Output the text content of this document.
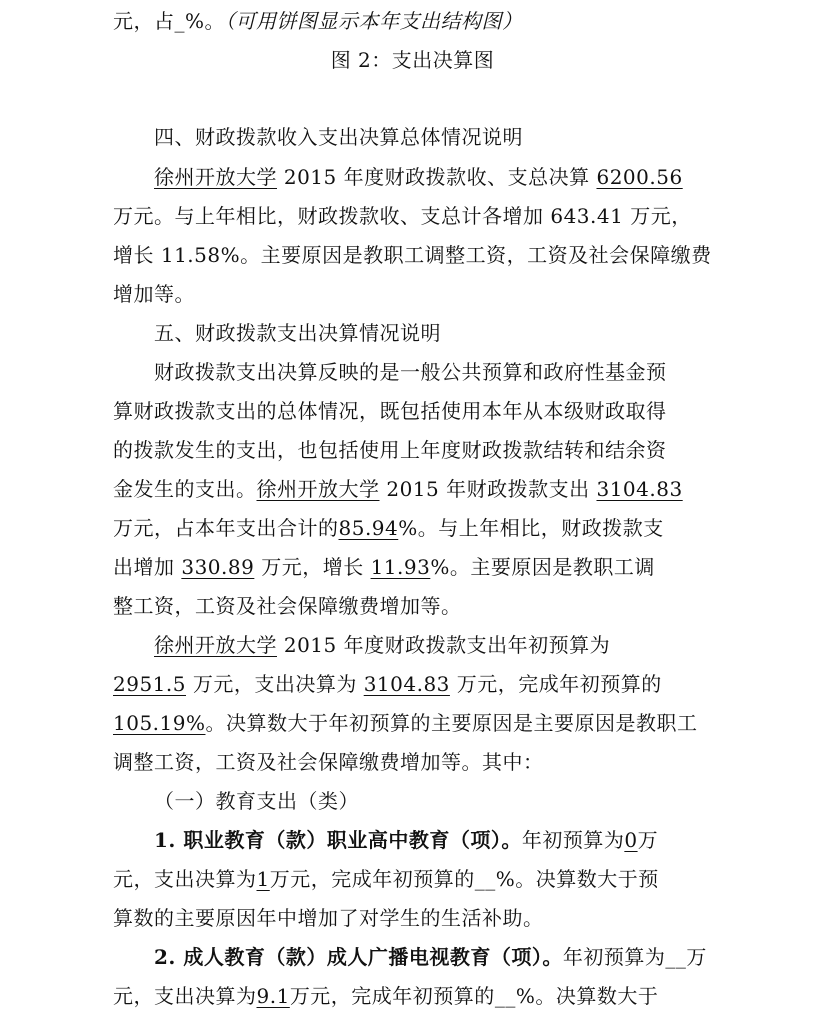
元，占_%。（可用饼图显示本年支出结构图）
图 2：支出决算图
四、财政拨款收入支出决算总体情况说明
徐州开放大学 2015 年度财政拨款收、支总决算 6200.56
万元。与上年相比，财政拨款收、支总计各增加 643.41 万元，
增长 11.58%。主要原因是教职工调整工资，工资及社会保障缴费
增加等。
五、财政拨款支出决算情况说明
财政拨款支出决算反映的是一般公共预算和政府性基金预
算财政拨款支出的总体情况，既包括使用本年从本级财政取得
的拨款发生的支出，也包括使用上年度财政拨款结转和结余资
金发生的支出。徐州开放大学 2015 年财政拨款支出 3104.83
万元，占本年支出合计的85.94%。与上年相比，财政拨款支
出增加 330.89 万元，增长 11.93%。主要原因是教职工调
整工资，工资及社会保障缴费增加等。
徐州开放大学 2015 年度财政拨款支出年初预算为
2951.5 万元，支出决算为 3104.83 万元，完成年初预算的
105.19%。决算数大于年初预算的主要原因是主要原因是教职工
调整工资，工资及社会保障缴费增加等。其中：
（一）教育支出（类）
1. 职业教育（款）职业高中教育（项）。年初预算为0万
元，支出决算为1万元，完成年初预算的__%。决算数大于预
算数的主要原因年中增加了对学生的生活补助。
2. 成人教育（款）成人广播电视教育（项）。年初预算为__万
元，支出决算为9.1万元，完成年初预算的__%。决算数大于
